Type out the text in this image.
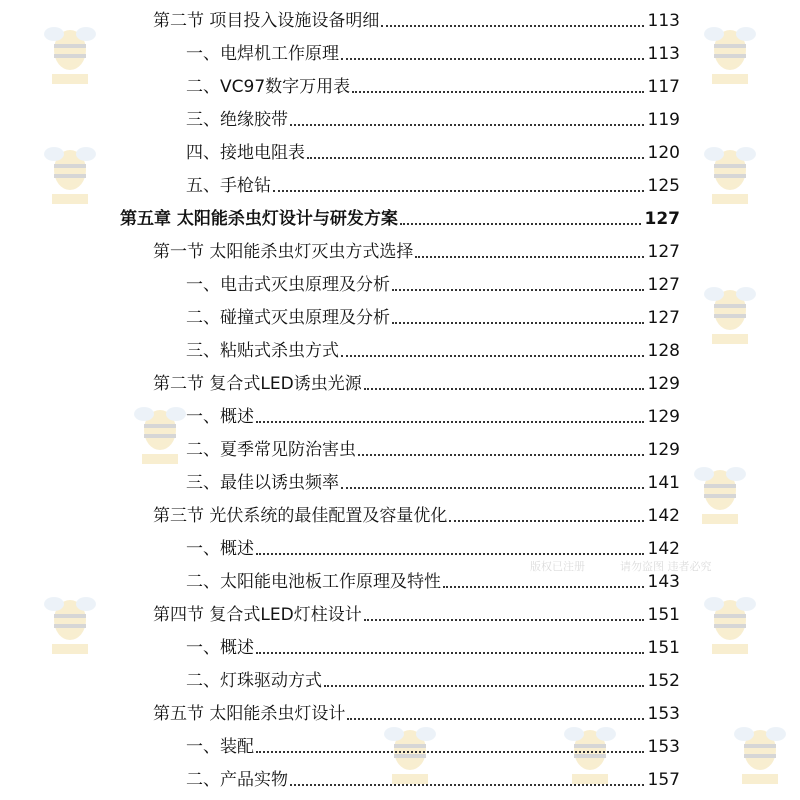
第二节 项目投入设施设备明细	113
一、电焊机工作原理	113
二、VC97数字万用表	117
三、绝缘胶带	119
四、接地电阻表	120
五、手枪钻	125
第五章 太阳能杀虫灯设计与研发方案	127
第一节 太阳能杀虫灯灭虫方式选择	127
一、电击式灭虫原理及分析	127
二、碰撞式灭虫原理及分析	127
三、粘贴式杀虫方式	128
第二节 复合式LED诱虫光源	129
一、概述	129
二、夏季常见防治害虫	129
三、最佳以诱虫频率	141
第三节 光伏系统的最佳配置及容量优化	142
一、概述	142
二、太阳能电池板工作原理及特性	143
第四节 复合式LED灯柱设计	151
一、概述	151
二、灯珠驱动方式	152
第五节 太阳能杀虫灯设计	153
一、装配	153
二、产品实物	157
版权已注册	请勿盗图 违者必究
